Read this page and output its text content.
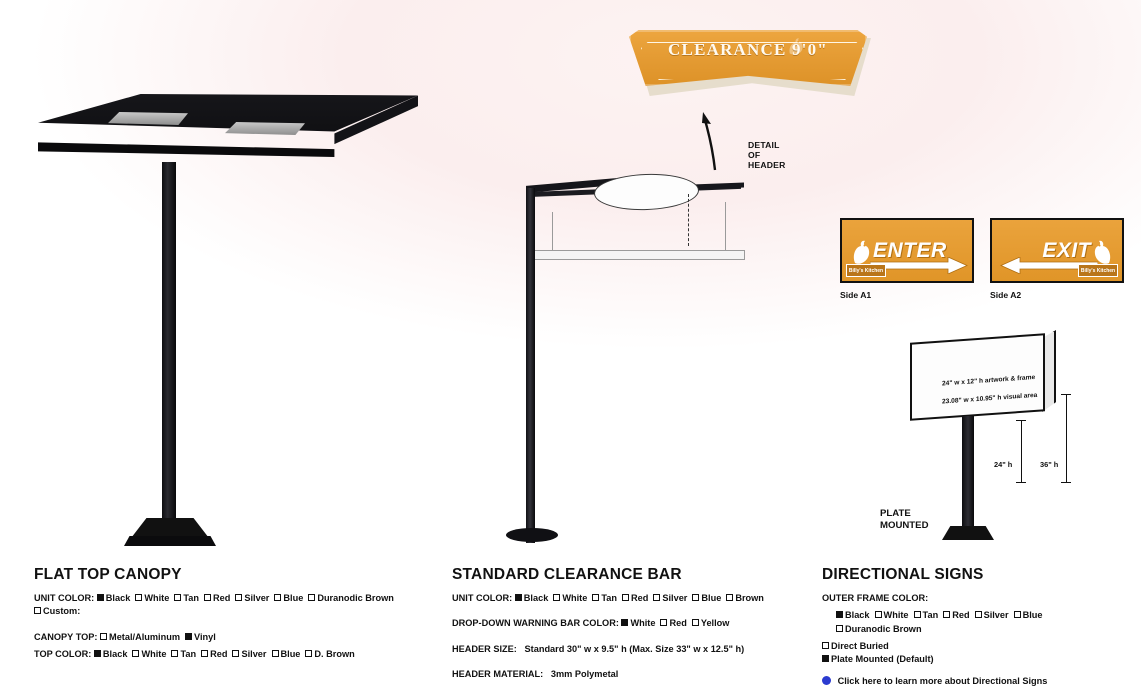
CLEARANCE 9'0"
DETAIL OF HEADER
ENTER
Billy's Kitchen
Side A1
EXIT
Billy's Kitchen
Side A2
24" w x 12" h artwork & frame
23.08" w x 10.95" h visual area
24" h	36" h
PLATE
MOUNTED
FLAT TOP CANOPY
UNIT COLOR: Black White Tan Red Silver Blue Duranodic BrownCustom:
CANOPY TOP: Metal/Aluminum Vinyl
TOP COLOR: Black White Tan Red Silver Blue D. Brown
STANDARD CLEARANCE BAR
UNIT COLOR: Black White Tan Red Silver Blue Brown
DROP-DOWN WARNING BAR COLOR: White Red Yellow
HEADER SIZE: Standard 30" w x 9.5" h (Max. Size 33" w x 12.5" h)
HEADER MATERIAL: 3mm Polymetal
DIRECTIONAL SIGNS
OUTER FRAME COLOR:
Black White Tan Red Silver BlueDuranodic Brown
Direct Buried
Plate Mounted (Default)
Click here to learn more about Directional Signs
